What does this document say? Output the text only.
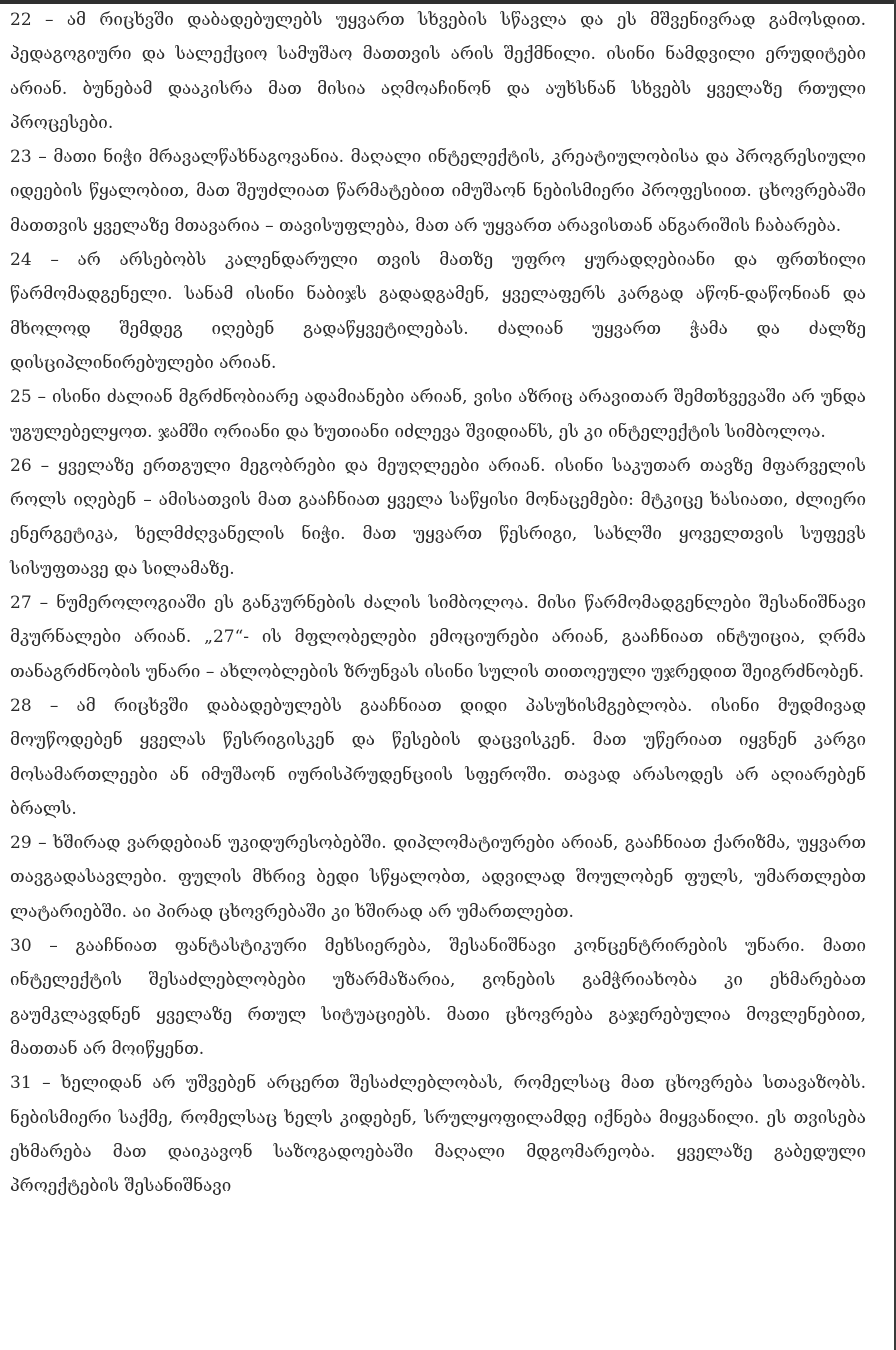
22 – ამ რიცხვში დაბადებულებს უყვართ სხვების სწავლა და ეს მშვენივრად გამოსდით. პედაგოგიური და სალექციო სამუშაო მათთვის არის შექმნილი. ისინი ნამდვილი ერუდიტები არიან. ბუნებამ დააკისრა მათ მისია აღმოაჩინონ და აუხსნან სხვებს ყველაზე რთული პროცესები.

23 – მათი ნიჭი მრავალწახნაგოვანია. მაღალი ინტელექტის, კრეატიულობისა და პროგრესიული იდეების წყალობით, მათ შეუძლიათ წარმატებით იმუშაონ ნებისმიერი პროფესიით. ცხოვრებაში მათთვის ყველაზე მთავარია – თავისუფლება, მათ არ უყვართ არავისთან ანგარიშის ჩაბარება.

24 – არ არსებობს კალენდარული თვის მათზე უფრო ყურადღებიანი და ფრთხილი წარმომადგენელი. სანამ ისინი ნაბიჯს გადადგამენ, ყველაფერს კარგად აწონ-დაწონიან და მხოლოდ შემდეგ იღებენ გადაწყვეტილებას. ძალიან უყვართ ჭამა და ძალზე დისციპლინირებულები არიან.

25 – ისინი ძალიან მგრძნობიარე ადამიანები არიან, ვისი აზრიც არავითარ შემთხვევაში არ უნდა უგულებელყოთ. ჯამში ორიანი და ხუთიანი იძლევა შვიდიანს, ეს კი ინტელექტის სიმბოლოა.

26 – ყველაზე ერთგული მეგობრები და მეუღლეები არიან. ისინი საკუთარ თავზე მფარველის როლს იღებენ – ამისათვის მათ გააჩნიათ ყველა საწყისი მონაცემები: მტკიცე ხასიათი, ძლიერი ენერგეტიკა, ხელმძღვანელის ნიჭი. მათ უყვართ წესრიგი, სახლში ყოველთვის სუფევს სისუფთავე და სილამაზე.

27 – ნუმეროლოგიაში ეს განკურნების ძალის სიმბოლოა. მისი წარმომადგენლები შესანიშნავი მკურნალები არიან. „27“- ის მფლობელები ემოციურები არიან, გააჩნიათ ინტუიცია, ღრმა თანაგრძნობის უნარი – ახლობლების ზრუნვას ისინი სულის თითოეული უჯრედით შეიგრძნობენ.

28 – ამ რიცხვში დაბადებულებს გააჩნიათ დიდი პასუხისმგებლობა. ისინი მუდმივად მოუწოდებენ ყველას წესრიგისკენ და წესების დაცვისკენ. მათ უწერიათ იყვნენ კარგი მოსამართლეები ან იმუშაონ იურისპრუდენციის სფეროში. თავად არასოდეს არ აღიარებენ ბრალს.

29 – ხშირად ვარდებიან უკიდურესობებში. დიპლომატიურები არიან, გააჩნიათ ქარიზმა, უყვართ თავგადასავლები. ფულის მხრივ ბედი სწყალობთ, ადვილად შოულობენ ფულს, უმართლებთ ლატარიებში. აი პირად ცხოვრებაში კი ხშირად არ უმართლებთ.

30 – გააჩნიათ ფანტასტიკური მეხსიერება, შესანიშნავი კონცენტრირების უნარი. მათი ინტელექტის შესაძლებლობები უზარმაზარია, გონების გამჭრიახობა კი ეხმარებათ გაუმკლავდნენ ყველაზე რთულ სიტუაციებს. მათი ცხოვრება გაჯერებულია მოვლენებით, მათთან არ მოიწყენთ.

31 – ხელიდან არ უშვებენ არცერთ შესაძლებლობას, რომელსაც მათ ცხოვრება სთავაზობს. ნებისმიერი საქმე, რომელსაც ხელს კიდებენ, სრულყოფილამდე იქნება მიყვანილი. ეს თვისება ეხმარება მათ დაიკავონ საზოგადოებაში მაღალი მდგომარეობა. ყველაზე გაბედული პროექტების შესანიშნავი
